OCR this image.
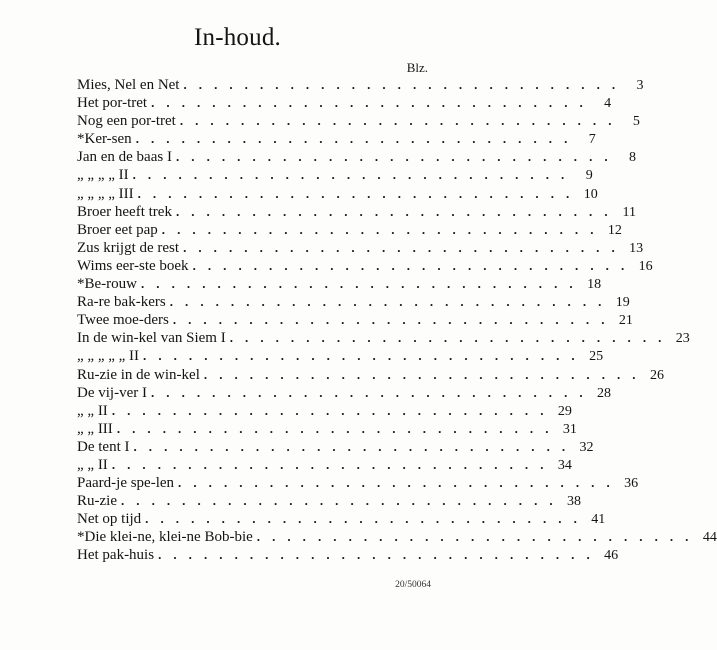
In-houd.
Blz.
Mies, Nel en Net . . . . . . . . . . . . . . . . . . . . . . . . . . . . .	3
Het por-tret . . . . . . . . . . . . . . . . . . . . . . . . . . . . .	4
Nog een por-tret . . . . . . . . . . . . . . . . . . . . . . . . . . . . .	5
*Ker-sen . . . . . . . . . . . . . . . . . . . . . . . . . . . . .	7
Jan en de baas I . . . . . . . . . . . . . . . . . . . . . . . . . . . . .	8
„ „ „ „ II . . . . . . . . . . . . . . . . . . . . . . . . . . . . .	9
„ „ „ „ III . . . . . . . . . . . . . . . . . . . . . . . . . . . . . 10
Broer heeft trek . . . . . . . . . . . . . . . . . . . . . . . . . . . . . 11
Broer eet pap . . . . . . . . . . . . . . . . . . . . . . . . . . . . . 12
Zus krijgt de rest . . . . . . . . . . . . . . . . . . . . . . . . . . . . . 13
Wims eer-ste boek . . . . . . . . . . . . . . . . . . . . . . . . . . . . . 16
*Be-rouw . . . . . . . . . . . . . . . . . . . . . . . . . . . . . 18
Ra-re bak-kers . . . . . . . . . . . . . . . . . . . . . . . . . . . . . 19
Twee moe-ders . . . . . . . . . . . . . . . . . . . . . . . . . . . . . 21
In de win-kel van Siem I . . . . . . . . . . . . . . . . . . . . . . . . . . . . . 23
„ „ „ „ „ II . . . . . . . . . . . . . . . . . . . . . . . . . . . . . 25
Ru-zie in de win-kel . . . . . . . . . . . . . . . . . . . . . . . . . . . . . 26
De vij-ver I . . . . . . . . . . . . . . . . . . . . . . . . . . . . . 28
„ „ II . . . . . . . . . . . . . . . . . . . . . . . . . . . . . 29
„ „ III . . . . . . . . . . . . . . . . . . . . . . . . . . . . . 31
De tent I . . . . . . . . . . . . . . . . . . . . . . . . . . . . . 32
„ „ II . . . . . . . . . . . . . . . . . . . . . . . . . . . . . 34
Paard-je spe-len . . . . . . . . . . . . . . . . . . . . . . . . . . . . . 36
Ru-zie . . . . . . . . . . . . . . . . . . . . . . . . . . . . . 38
Net op tijd . . . . . . . . . . . . . . . . . . . . . . . . . . . . . 41
*Die klei-ne, klei-ne Bob-bie . . . . . . . . . . . . . . . . . . . . . . . . . . . . . 44
Het pak-huis . . . . . . . . . . . . . . . . . . . . . . . . . . . . . 46
20/50064
